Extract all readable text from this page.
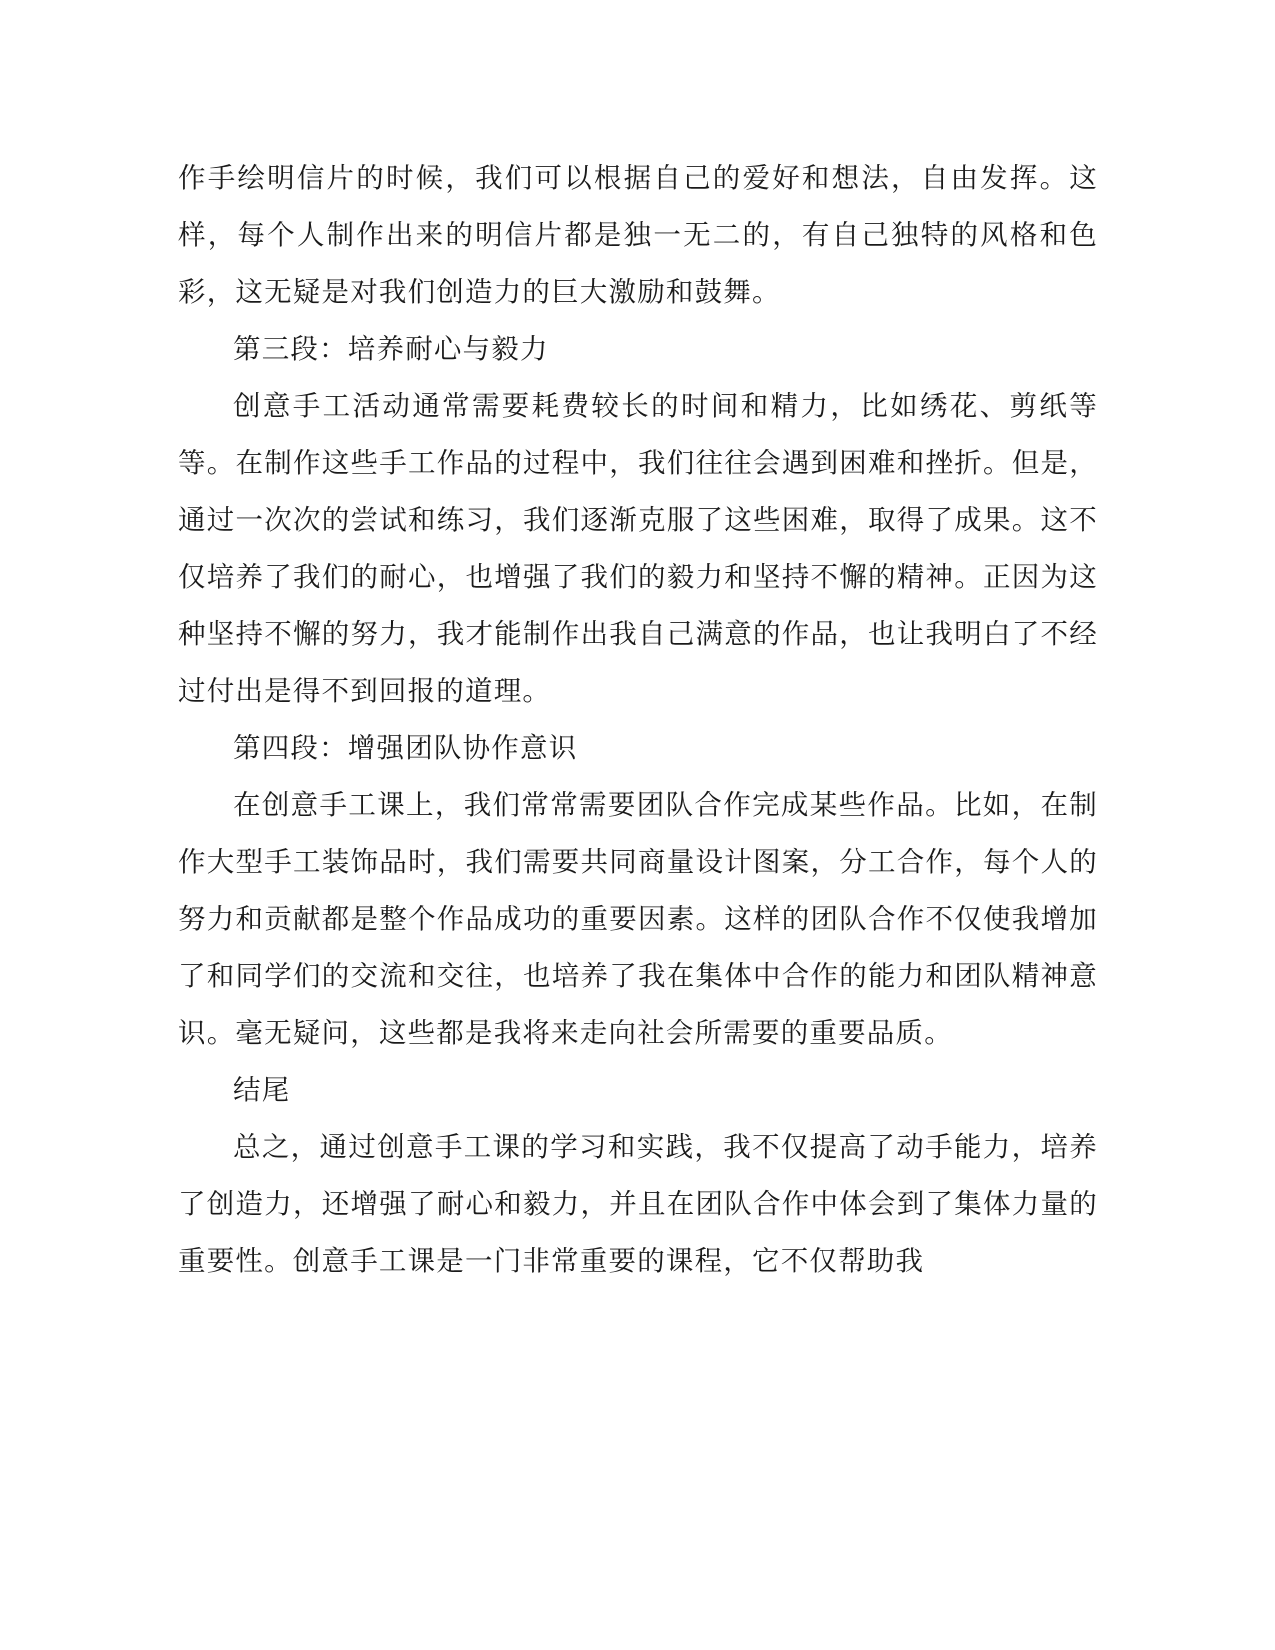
作手绘明信片的时候，我们可以根据自己的爱好和想法，自由发挥。这样，每个人制作出来的明信片都是独一无二的，有自己独特的风格和色彩，这无疑是对我们创造力的巨大激励和鼓舞。

第三段：培养耐心与毅力

创意手工活动通常需要耗费较长的时间和精力，比如绣花、剪纸等等。在制作这些手工作品的过程中，我们往往会遇到困难和挫折。但是，通过一次次的尝试和练习，我们逐渐克服了这些困难，取得了成果。这不仅培养了我们的耐心，也增强了我们的毅力和坚持不懈的精神。正因为这种坚持不懈的努力，我才能制作出我自己满意的作品，也让我明白了不经过付出是得不到回报的道理。

第四段：增强团队协作意识

在创意手工课上，我们常常需要团队合作完成某些作品。比如，在制作大型手工装饰品时，我们需要共同商量设计图案，分工合作，每个人的努力和贡献都是整个作品成功的重要因素。这样的团队合作不仅使我增加了和同学们的交流和交往，也培养了我在集体中合作的能力和团队精神意识。毫无疑问，这些都是我将来走向社会所需要的重要品质。

结尾

总之，通过创意手工课的学习和实践，我不仅提高了动手能力，培养了创造力，还增强了耐心和毅力，并且在团队合作中体会到了集体力量的重要性。创意手工课是一门非常重要的课程，它不仅帮助我
